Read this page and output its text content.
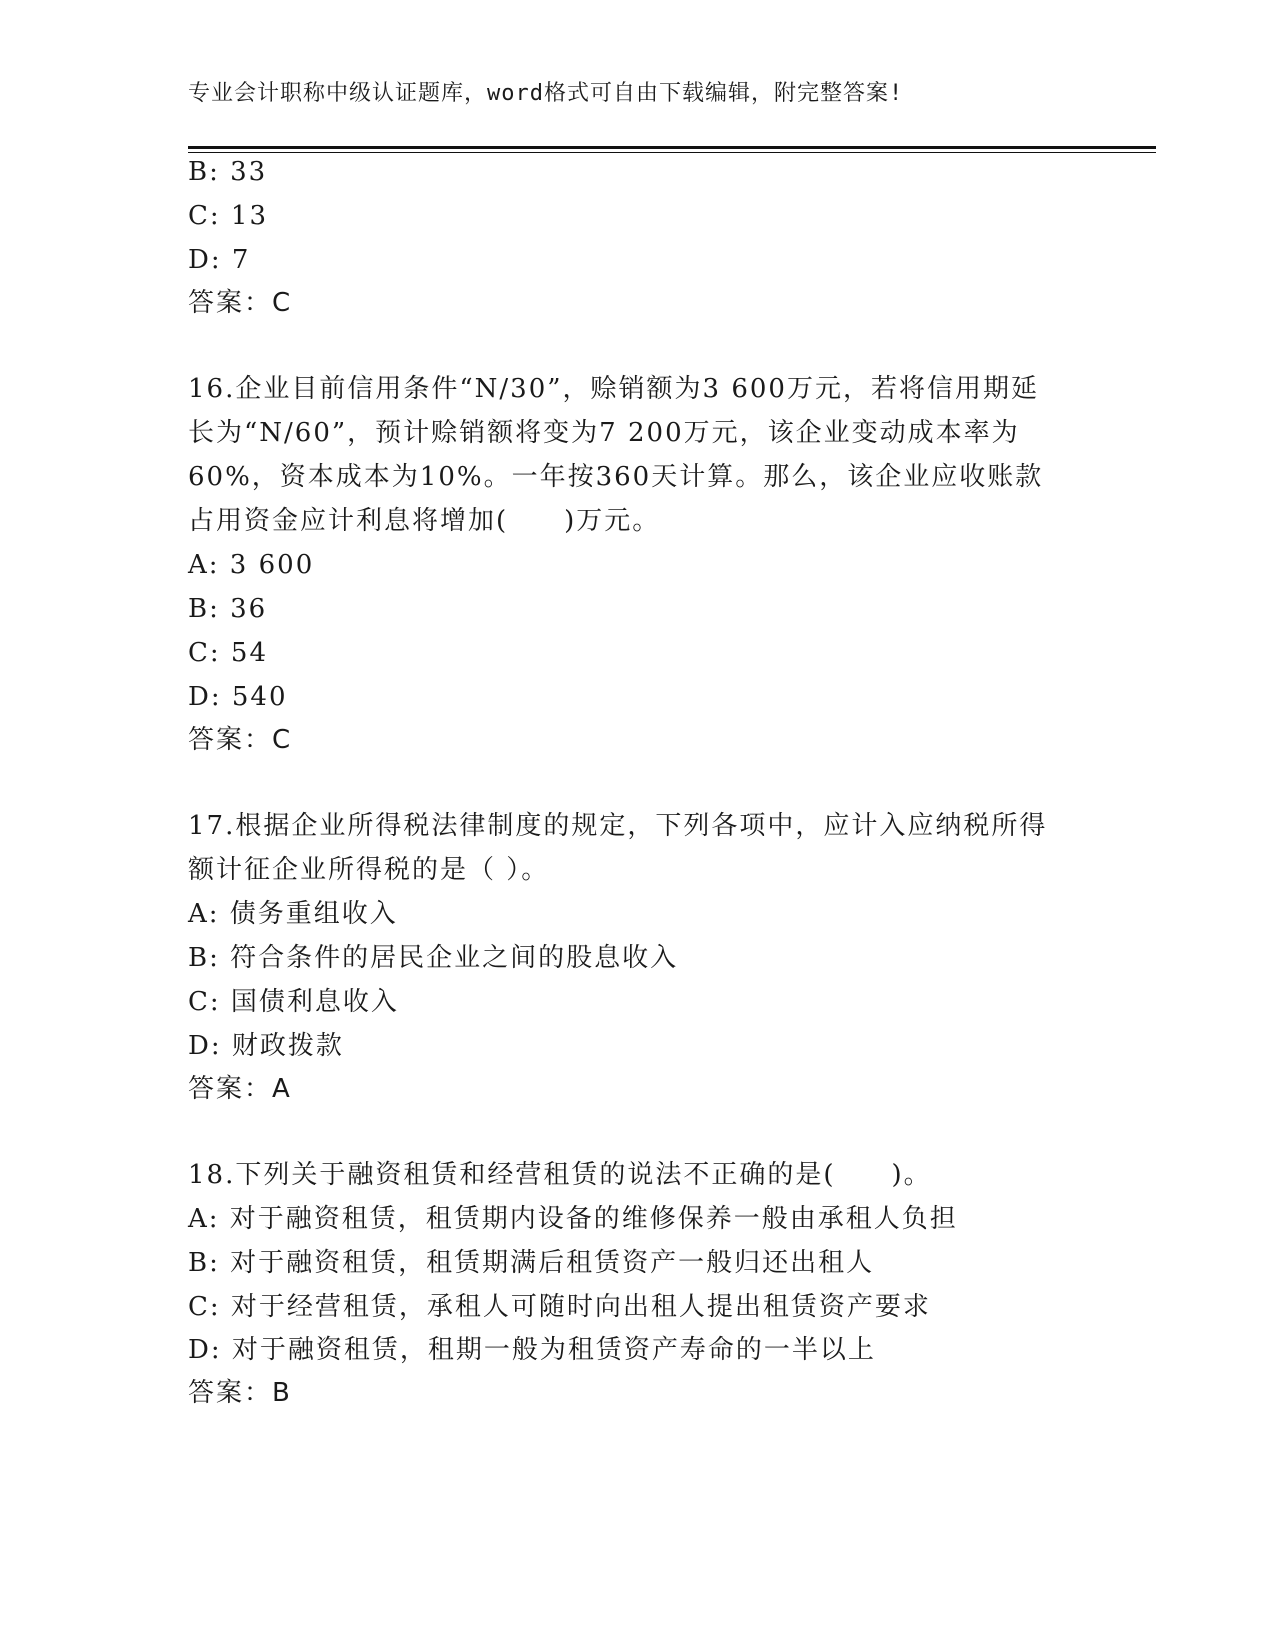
专业会计职称中级认证题库，word格式可自由下载编辑，附完整答案!
B: 33
C: 13
D: 7
答案：C
16.企业目前信用条件“N/30”，赊销额为3 600万元，若将信用期延
长为“N/60”，预计赊销额将变为7 200万元，该企业变动成本率为
60%，资本成本为10%。一年按360天计算。那么，该企业应收账款
占用资金应计利息将增加(　　)万元。
A: 3 600
B: 36
C: 54
D: 540
答案：C
17.根据企业所得税法律制度的规定，下列各项中，应计入应纳税所得
额计征企业所得税的是（ ）。
A: 债务重组收入
B: 符合条件的居民企业之间的股息收入
C: 国债利息收入
D: 财政拨款
答案：A
18.下列关于融资租赁和经营租赁的说法不正确的是(　　)。
A: 对于融资租赁，租赁期内设备的维修保养一般由承租人负担
B: 对于融资租赁，租赁期满后租赁资产一般归还出租人
C: 对于经营租赁，承租人可随时向出租人提出租赁资产要求
D: 对于融资租赁，租期一般为租赁资产寿命的一半以上
答案：B
